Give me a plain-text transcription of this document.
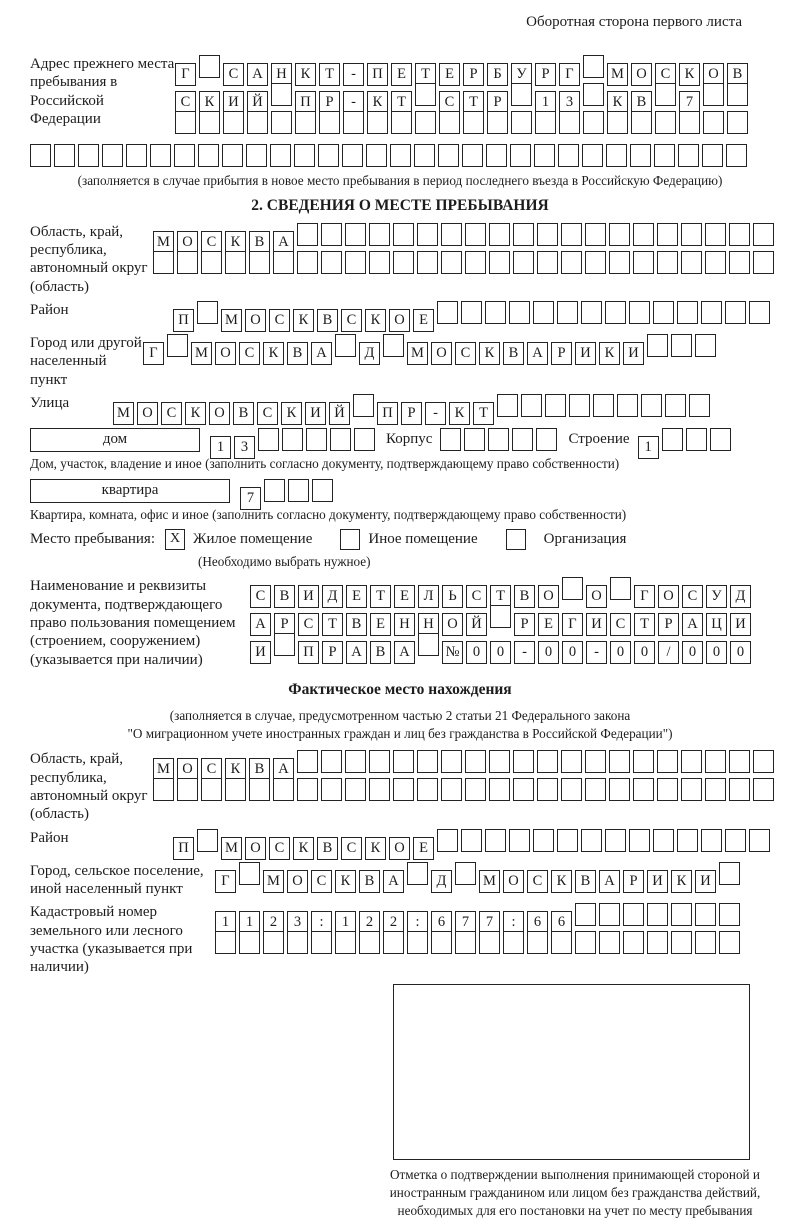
Оборотная сторона первого листа
Адрес прежнего места пребывания в Российской Федерации
Г	С А Н К Т - П Е Т Е Р Б У Р Г	М О С К О В
С К И Й	П Р - К Т	С Т Р	1 3	К В	7
(заполняется в случае прибытия в новое место пребывания в период последнего въезда в Российскую Федерацию)
2. СВЕДЕНИЯ О МЕСТЕ ПРЕБЫВАНИЯ
Область, край, республика, автономный округ (область)
М О С К В А
Район
П	М О С К В С К О Е
Город или другой населенный пункт
Г	М О С К В А	Д	М О С К В А Р И К И
Улица
М О С К О В С К И Й	П Р - К Т
дом	1 3	Корпус	Строение	1
Дом, участок, владение и иное (заполнить согласно документу, подтверждающему право собственности)
квартира	7
Квартира, комната, офис и иное (заполнить согласно документу, подтверждающему право собственности)
Место пребывания:	X Жилое помещение	Иное помещение	Организация
(Необходимо выбрать нужное)
Наименование и реквизиты документа, подтверждающего право пользования помещением (строением, сооружением) (указывается при наличии)
С В И Д Е Т Е Л Ь С Т В О	О	Г О С У Д
А Р С Т В Е Н Н О Й	Р Е Г И С Т Р А Ц И
И	П Р А В А № 0 0 - 0 0 - 0 0 / 0 0 0
Фактическое место нахождения
(заполняется в случае, предусмотренном частью 2 статьи 21 Федерального закона
"О миграционном учете иностранных граждан и лиц без гражданства в Российской Федерации")
Область, край, республика, автономный округ (область)
М О С К В А
Район
П	М О С К В С К О Е
Город, сельское поселение, иной населенный пункт
Г	М О С К В А	Д	М О С К В А Р И К И
Кадастровый номер земельного или лесного участка (указывается при наличии)
1 1 2 3 : 1 2 2 : 6 7 7 : 6 6
Отметка о подтверждении выполнения принимающей стороной и иностранным гражданином или лицом без гражданства действий, необходимых для его постановки на учет по месту пребывания
